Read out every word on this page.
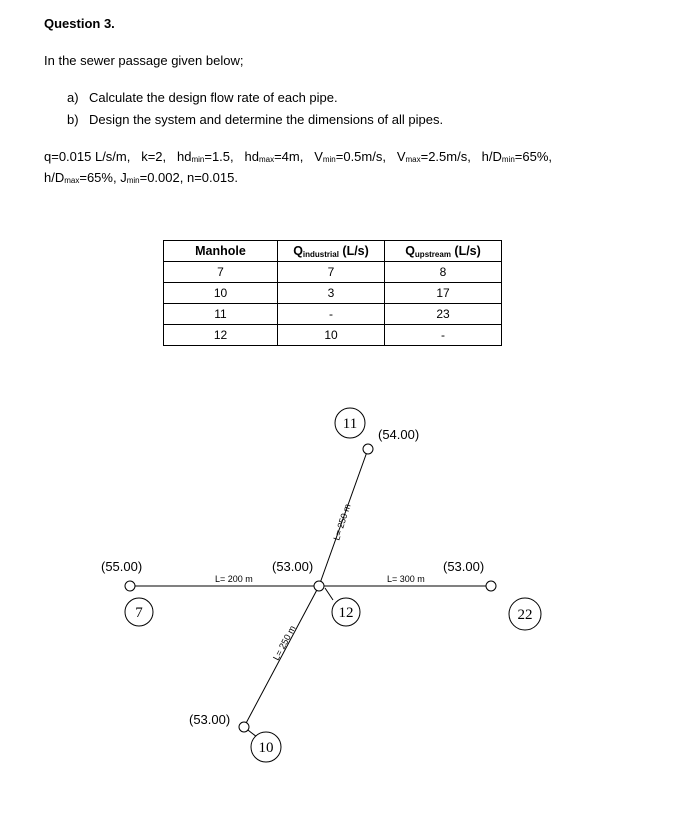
Question 3.
In the sewer passage given below;
a) Calculate the design flow rate of each pipe.
b) Design the system and determine the dimensions of all pipes.
q=0.015 L/s/m, k=2, $hd_{min}=1.5$, $hd_{max}=4m$, $V_{min}=0.5m/s$, $V_{max}=2.5m/s$, $h/D_{min}=65\%$,
$h/D_{max}=65\%$, $J_{min}=0.002$, n=0.015.
Manhole	$Q_{industrial}$ (L/s)	$Q_{upstream}$ (L/s)
7	7	8
10	3	17
11	-	23
12	10	-
7	12	22
11
10
(55.00)	(53.00)	(53.00)
(54.00)
(53.00)
L= 200 m	L= 300 m
L= 250 m
L= 250 m
